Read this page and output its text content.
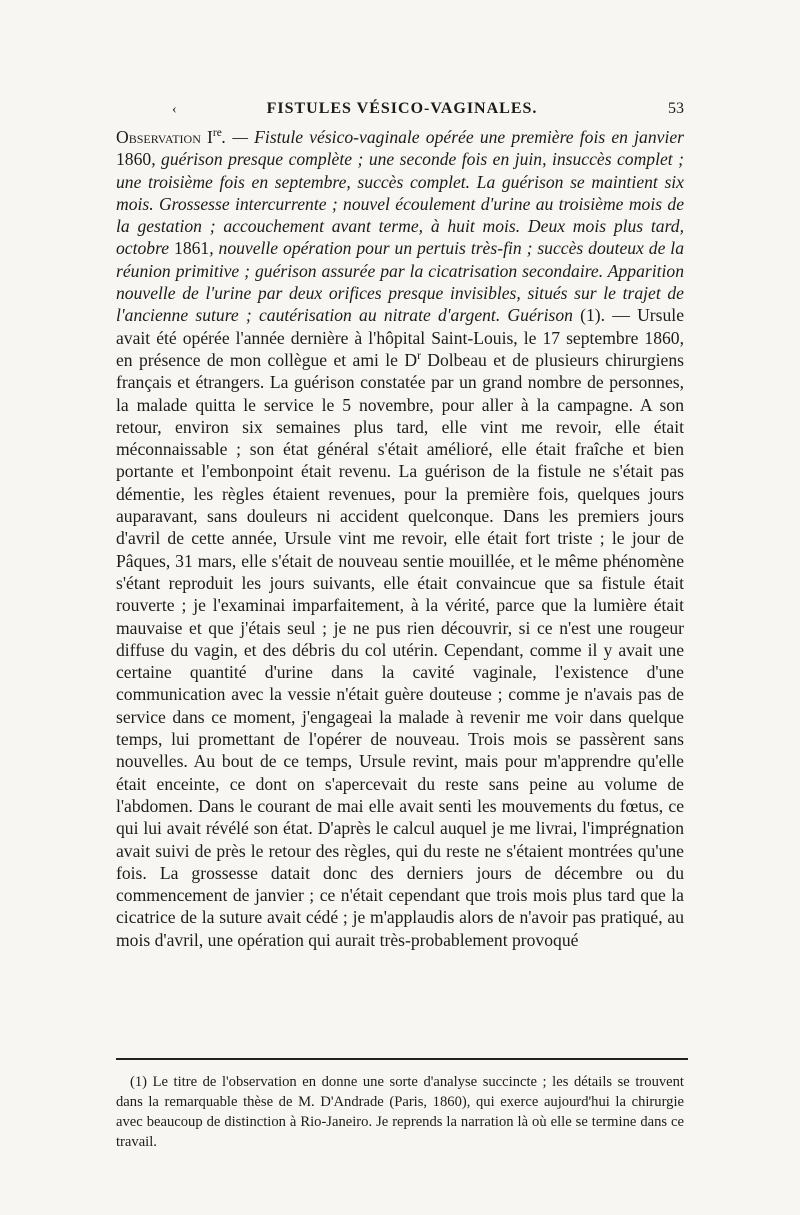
‹	FISTULES VÉSICO-VAGINALES.	53

Observation Ire. — Fistule vésico-vaginale opérée une première fois en janvier 1860, guérison presque complète ; une seconde fois en juin, insuccès complet ; une troisième fois en septembre, succès complet. La guérison se maintient six mois. Grossesse intercurrente ; nouvel écoulement d'urine au troisième mois de la gestation ; accouchement avant terme, à huit mois. Deux mois plus tard, octobre 1861, nouvelle opération pour un pertuis très-fin ; succès douteux de la réunion primitive ; guérison assurée par la cicatrisation secondaire. Apparition nouvelle de l'urine par deux orifices presque invisibles, situés sur le trajet de l'ancienne suture ; cautérisation au nitrate d'argent. Guérison (1). — Ursule avait été opérée l'année dernière à l'hôpital Saint-Louis, le 17 septembre 1860, en présence de mon collègue et ami le $D^r$ Dolbeau et de plusieurs chirurgiens français et étrangers. La guérison constatée par un grand nombre de personnes, la malade quitta le service le 5 novembre, pour aller à la campagne. A son retour, environ six semaines plus tard, elle vint me revoir, elle était méconnaissable ; son état général s'était amélioré, elle était fraîche et bien portante et l'embonpoint était revenu. La guérison de la fistule ne s'était pas démentie, les règles étaient revenues, pour la première fois, quelques jours auparavant, sans douleurs ni accident quelconque. Dans les premiers jours d'avril de cette année, Ursule vint me revoir, elle était fort triste ; le jour de Pâques, 31 mars, elle s'était de nouveau sentie mouillée, et le même phénomène s'étant reproduit les jours suivants, elle était convaincue que sa fistule était rouverte ; je l'examinai imparfaitement, à la vérité, parce que la lumière était mauvaise et que j'étais seul ; je ne pus rien découvrir, si ce n'est une rougeur diffuse du vagin, et des débris du col utérin. Cependant, comme il y avait une certaine quantité d'urine dans la cavité vaginale, l'existence d'une communication avec la vessie n'était guère douteuse ; comme je n'avais pas de service dans ce moment, j'engageai la malade à revenir me voir dans quelque temps, lui promettant de l'opérer de nouveau. Trois mois se passèrent sans nouvelles. Au bout de ce temps, Ursule revint, mais pour m'apprendre qu'elle était enceinte, ce dont on s'apercevait du reste sans peine au volume de l'abdomen. Dans le courant de mai elle avait senti les mouvements du fœtus, ce qui lui avait révélé son état. D'après le calcul auquel je me livrai, l'imprégnation avait suivi de près le retour des règles, qui du reste ne s'étaient montrées qu'une fois. La grossesse datait donc des derniers jours de décembre ou du commencement de janvier ; ce n'était cependant que trois mois plus tard que la cicatrice de la suture avait cédé ; je m'applaudis alors de n'avoir pas pratiqué, au mois d'avril, une opération qui aurait très-probablement provoqué

(1) Le titre de l'observation en donne une sorte d'analyse succincte ; les détails se trouvent dans la remarquable thèse de M. D'Andrade (Paris, 1860), qui exerce aujourd'hui la chirurgie avec beaucoup de distinction à Rio-Janeiro. Je reprends la narration là où elle se termine dans ce travail.
